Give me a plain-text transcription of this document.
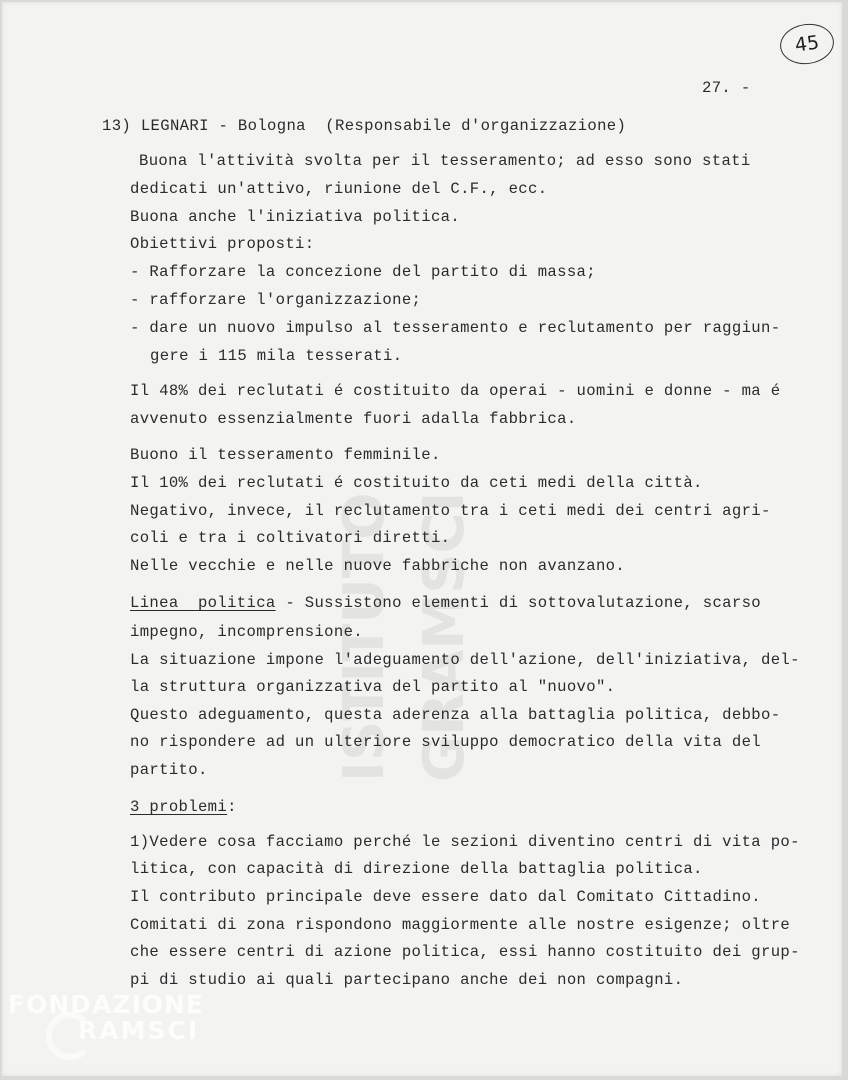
45

27. -

ISTITUTO GRAMSCI

13) LEGNARI - Bologna  (Responsabile d'organizzazione)

Buona l'attività svolta per il tesseramento; ad esso sono stati

dedicati un'attivo, riunione del C.F., ecc.

Buona anche l'iniziativa politica.

Obiettivi proposti:

- Rafforzare la concezione del partito di massa;

- rafforzare l'organizzazione;

- dare un nuovo impulso al tesseramento e reclutamento per raggiun-

gere i 115 mila tesserati.

Il 48% dei reclutati é costituito da operai - uomini e donne - ma é

avvenuto essenzialmente fuori adalla fabbrica.

Buono il tesseramento femminile.

Il 10% dei reclutati é costituito da ceti medi della città.

Negativo, invece, il reclutamento tra i ceti medi dei centri agri-

coli e tra i coltivatori diretti.

Nelle vecchie e nelle nuove fabbriche non avanzano.

Linea  politica - Sussistono elementi di sottovalutazione, scarso

impegno, incomprensione.

La situazione impone l'adeguamento dell'azione, dell'iniziativa, del-

la struttura organizzativa del partito al "nuovo".

Questo adeguamento, questa aderenza alla battaglia politica, debbo-

no rispondere ad un ulteriore sviluppo democratico della vita del

partito.

3 problemi:

1)Vedere cosa facciamo perché le sezioni diventino centri di vita po-

litica, con capacità di direzione della battaglia politica.

Il contributo principale deve essere dato dal Comitato Cittadino.

Comitati di zona rispondono maggiormente alle nostre esigenze; oltre

che essere centri di azione politica, essi hanno costituito dei grup-

pi di studio ai quali partecipano anche dei non compagni.

FONDAZIONE
RAMSCI
